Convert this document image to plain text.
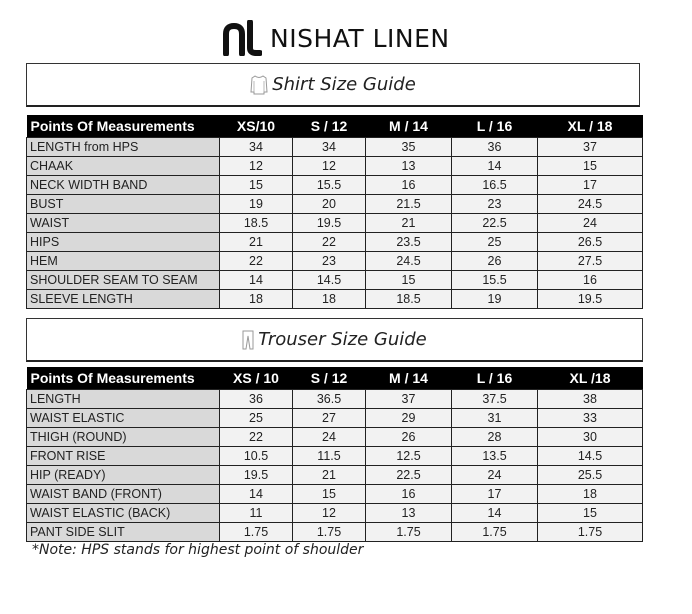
NISHAT LINEN
Shirt Size Guide
Points Of Measurements	XS/10	S / 12	M / 14	L / 16	XL / 18
LENGTH from HPS	34	34	35	36	37
CHAAK	12	12	13	14	15
NECK WIDTH BAND	15	15.5	16	16.5	17
BUST	19	20	21.5	23	24.5
WAIST	18.5	19.5	21	22.5	24
HIPS	21	22	23.5	25	26.5
HEM	22	23	24.5	26	27.5
SHOULDER SEAM TO SEAM	14	14.5	15	15.5	16
SLEEVE LENGTH	18	18	18.5	19	19.5
Trouser Size Guide
Points Of Measurements	XS / 10	S / 12	M / 14	L / 16	XL /18
LENGTH	36	36.5	37	37.5	38
WAIST ELASTIC	25	27	29	31	33
THIGH (ROUND)	22	24	26	28	30
FRONT RISE	10.5	11.5	12.5	13.5	14.5
HIP (READY)	19.5	21	22.5	24	25.5
WAIST BAND (FRONT)	14	15	16	17	18
WAIST ELASTIC (BACK)	11	12	13	14	15
PANT SIDE SLIT	1.75	1.75	1.75	1.75	1.75
*Note: HPS stands for highest point of shoulder
